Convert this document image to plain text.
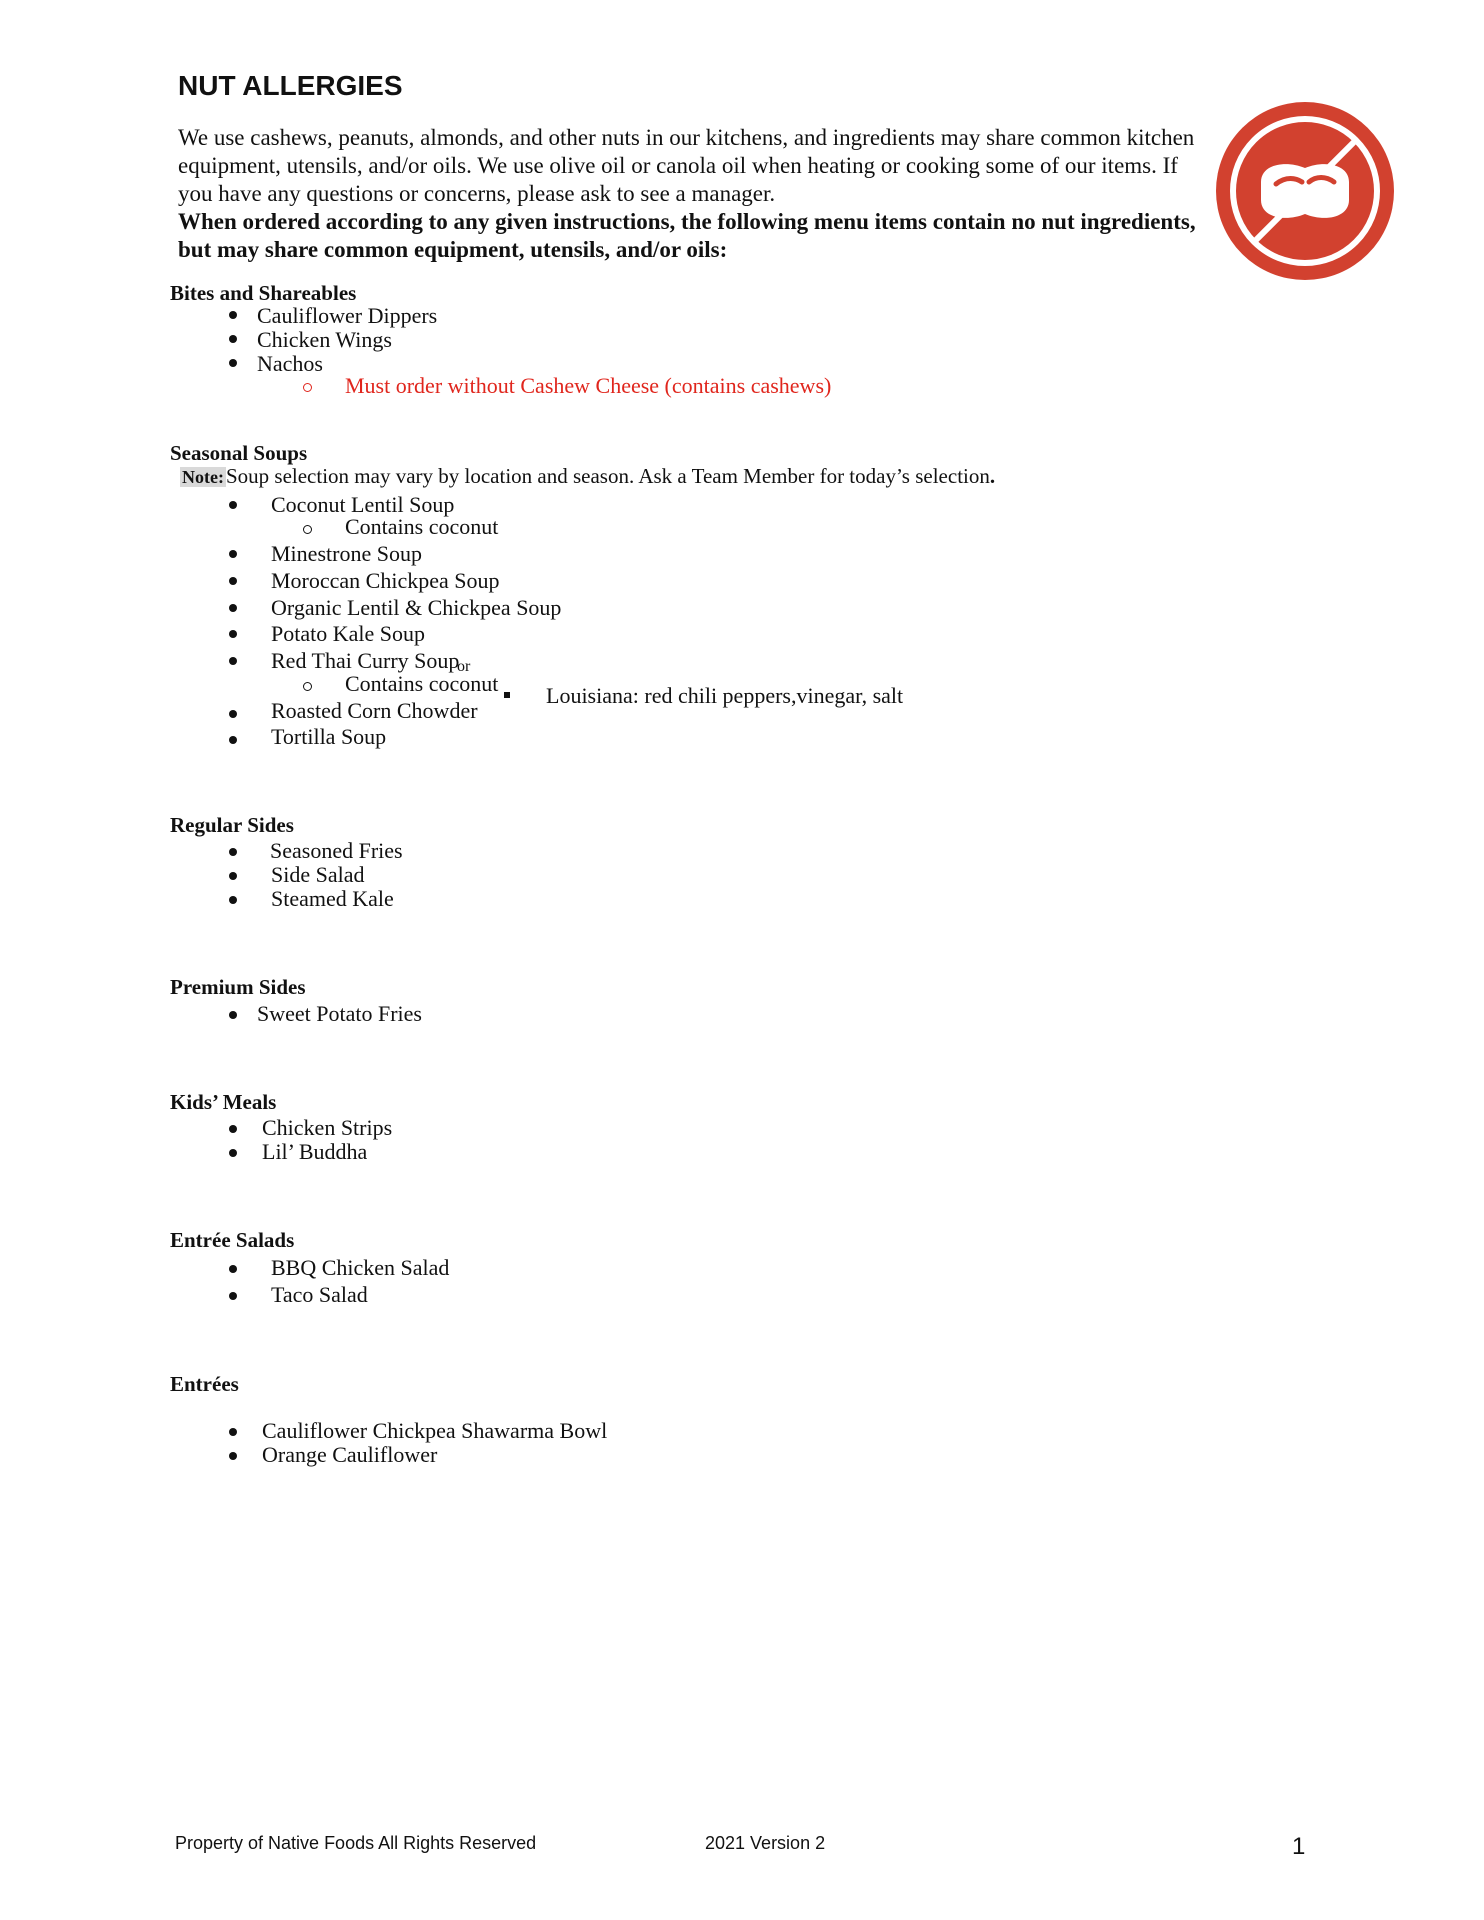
NUT ALLERGIES
We use cashews, peanuts, almonds, and other nuts in our kitchens, and ingredients may share common kitchen equipment, utensils, and/or oils. We use olive oil or canola oil when heating or cooking some of our items. If you have any questions or concerns, please ask to see a manager.
When ordered according to any given instructions, the following menu items contain no nut ingredients, but may share common equipment, utensils, and/or oils:
Bites and Shareables
Cauliflower Dippers
Chicken Wings
Nachos
Must order without Cashew Cheese (contains cashews)
Seasonal Soups
Note:Soup selection may vary by location and season. Ask a Team Member for today’s selection.
Coconut Lentil Soup
Contains coconut
Minestrone Soup
Moroccan Chickpea Soup
Organic Lentil & Chickpea Soup
Potato Kale Soup
Red Thai Curry Soup
or
Contains coconut Louisiana: red chili peppers,vinegar, salt
Roasted Corn Chowder
Tortilla Soup
Regular Sides
Seasoned Fries
Side Salad
Steamed Kale
Premium Sides
Sweet Potato Fries
Kids’ Meals
Chicken Strips
Lil’ Buddha
Entrée Salads
BBQ Chicken Salad
Taco Salad
Entrées
Cauliflower Chickpea Shawarma Bowl
Orange Cauliflower
Property of Native Foods All Rights Reserved	2021 Version 2	1
